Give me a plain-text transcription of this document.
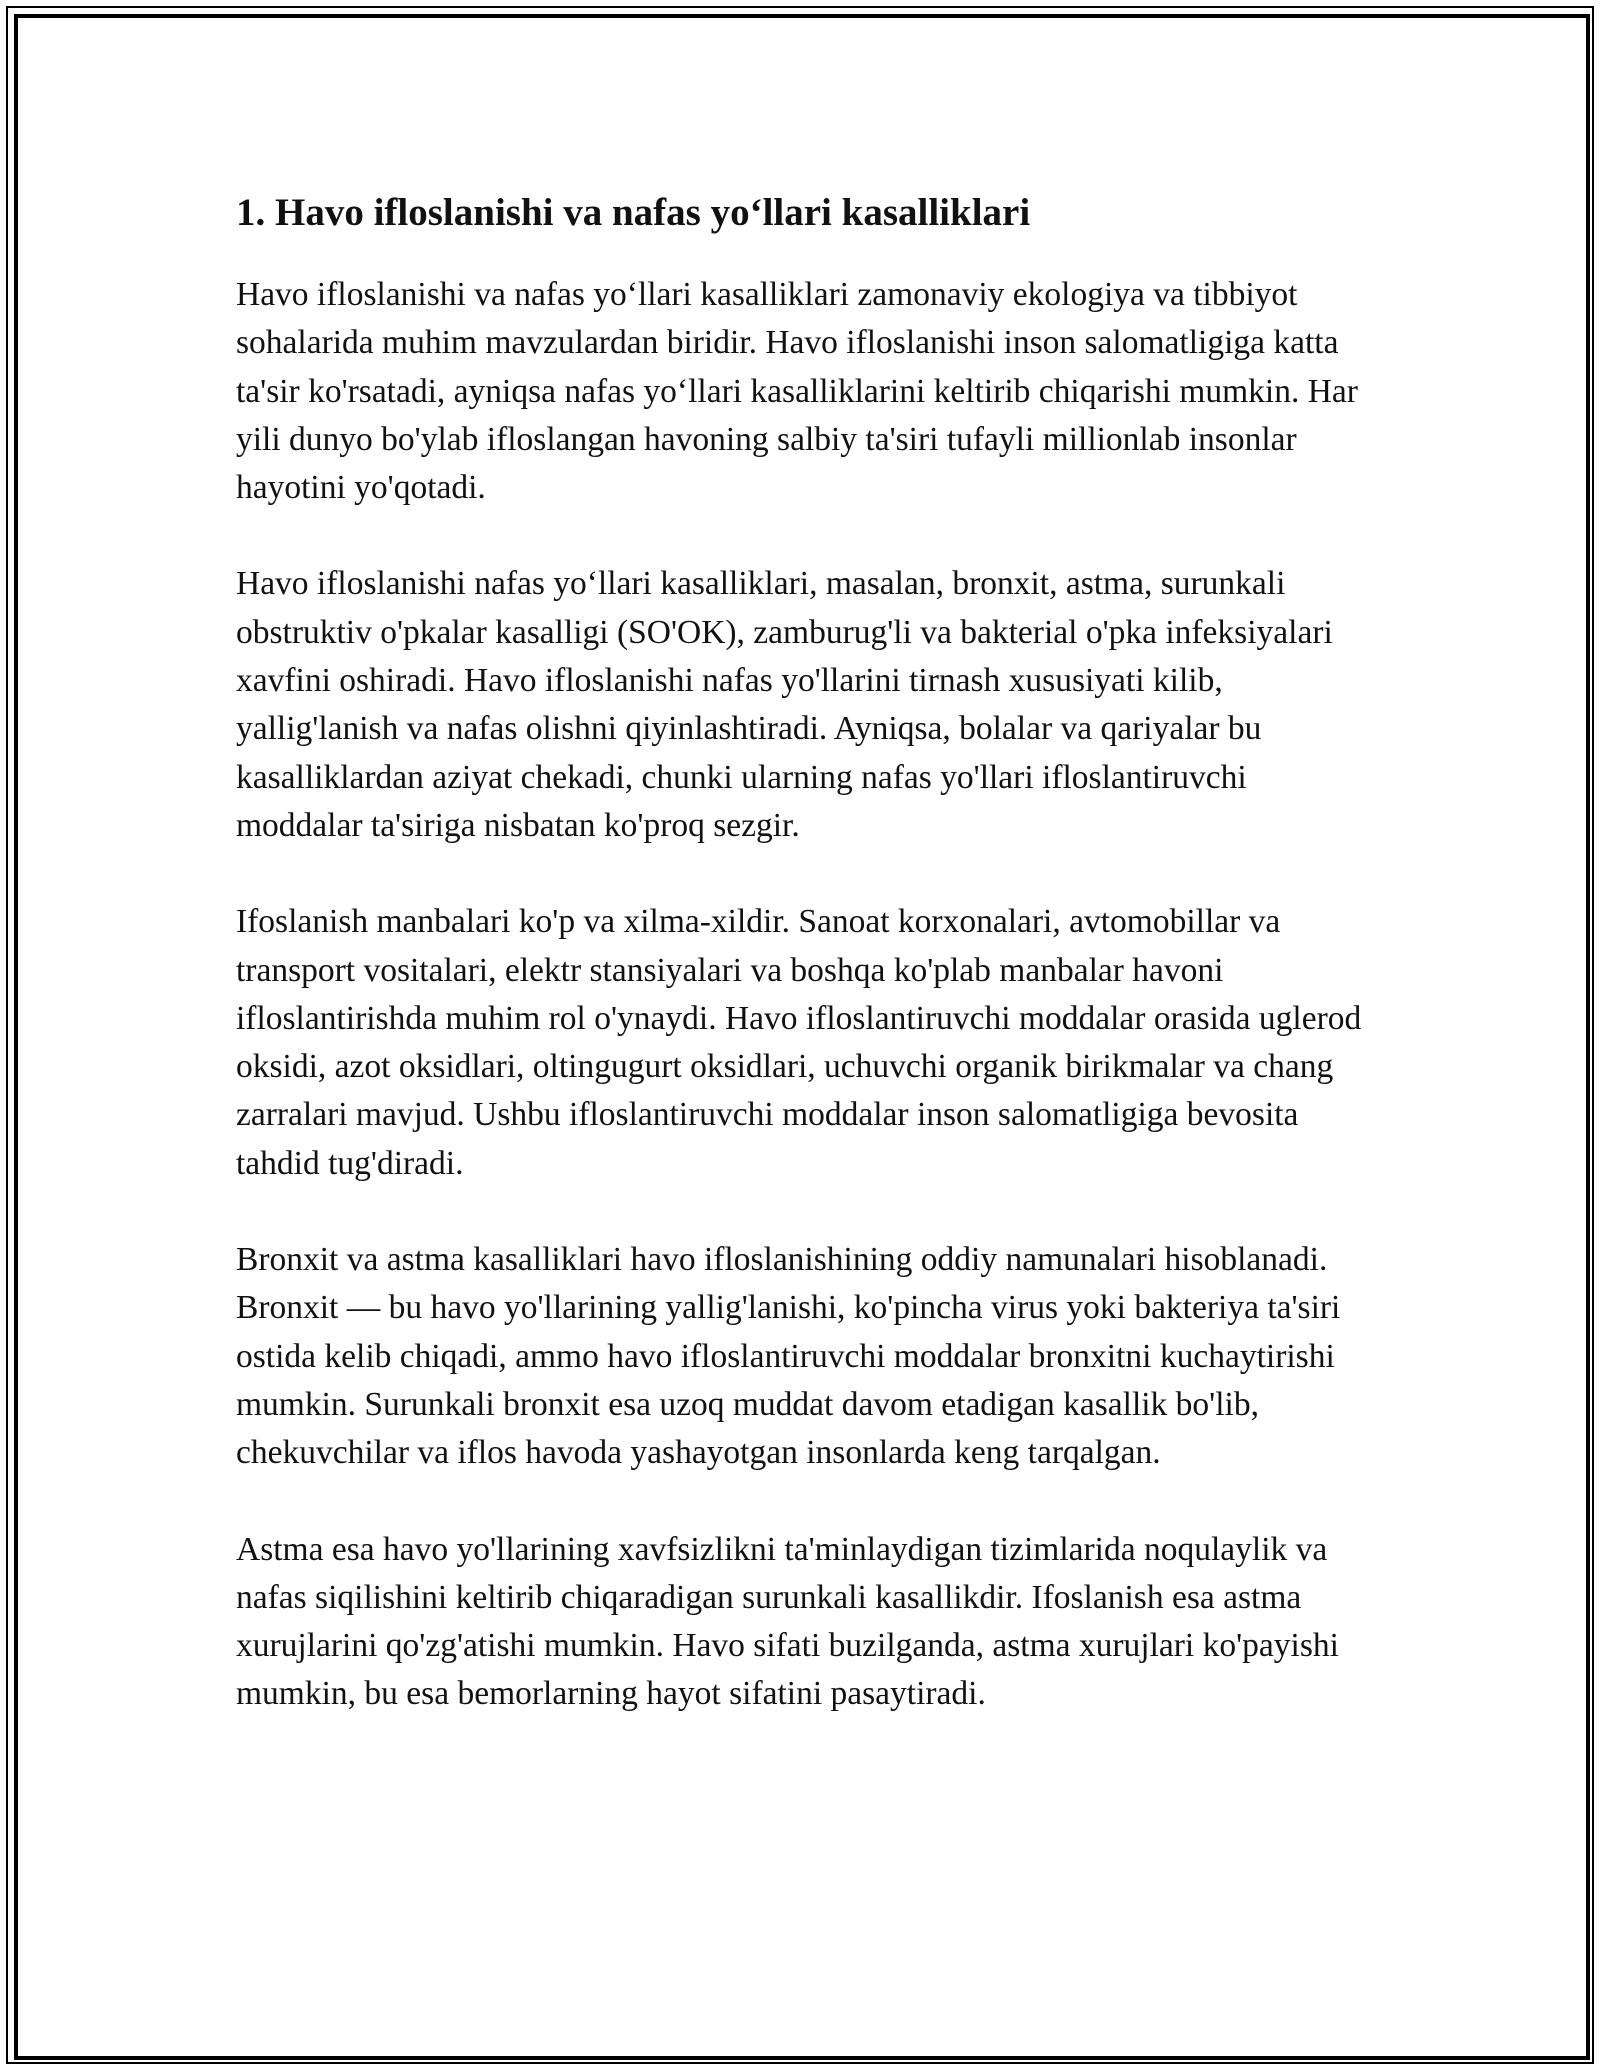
1. Havo ifloslanishi va nafas yo‘llari kasalliklari

Havo ifloslanishi va nafas yo‘llari kasalliklari zamonaviy ekologiya va tibbiyot sohalarida muhim mavzulardan biridir. Havo ifloslanishi inson salomatligiga katta ta'sir ko'rsatadi, ayniqsa nafas yo‘llari kasalliklarini keltirib chiqarishi mumkin. Har yili dunyo bo'ylab ifloslangan havoning salbiy ta'siri tufayli millionlab insonlar hayotini yo'qotadi.

Havo ifloslanishi nafas yo‘llari kasalliklari, masalan, bronxit, astma, surunkali obstruktiv o'pkalar kasalligi (SO'OK), zamburug'li va bakterial o'pka infeksiyalari xavfini oshiradi. Havo ifloslanishi nafas yo'llarini tirnash xususiyati kilib, yallig'lanish va nafas olishni qiyinlashtiradi. Ayniqsa, bolalar va qariyalar bu kasalliklardan aziyat chekadi, chunki ularning nafas yo'llari ifloslantiruvchi moddalar ta'siriga nisbatan ko'proq sezgir.

Ifoslanish manbalari ko'p va xilma-xildir. Sanoat korxonalari, avtomobillar va transport vositalari, elektr stansiyalari va boshqa ko'plab manbalar havoni ifloslantirishda muhim rol o'ynaydi. Havo ifloslantiruvchi moddalar orasida uglerod oksidi, azot oksidlari, oltingugurt oksidlari, uchuvchi organik birikmalar va chang zarralari mavjud. Ushbu ifloslantiruvchi moddalar inson salomatligiga bevosita tahdid tug'diradi.

Bronxit va astma kasalliklari havo ifloslanishining oddiy namunalari hisoblanadi. Bronxit — bu havo yo'llarining yallig'lanishi, ko'pincha virus yoki bakteriya ta'siri ostida kelib chiqadi, ammo havo ifloslantiruvchi moddalar bronxitni kuchaytirishi mumkin. Surunkali bronxit esa uzoq muddat davom etadigan kasallik bo'lib, chekuvchilar va iflos havoda yashayotgan insonlarda keng tarqalgan.

Astma esa havo yo'llarining xavfsizlikni ta'minlaydigan tizimlarida noqulaylik va nafas siqilishini keltirib chiqaradigan surunkali kasallikdir. Ifoslanish esa astma xurujlarini qo'zg'atishi mumkin. Havo sifati buzilganda, astma xurujlari ko'payishi mumkin, bu esa bemorlarning hayot sifatini pasaytiradi.
